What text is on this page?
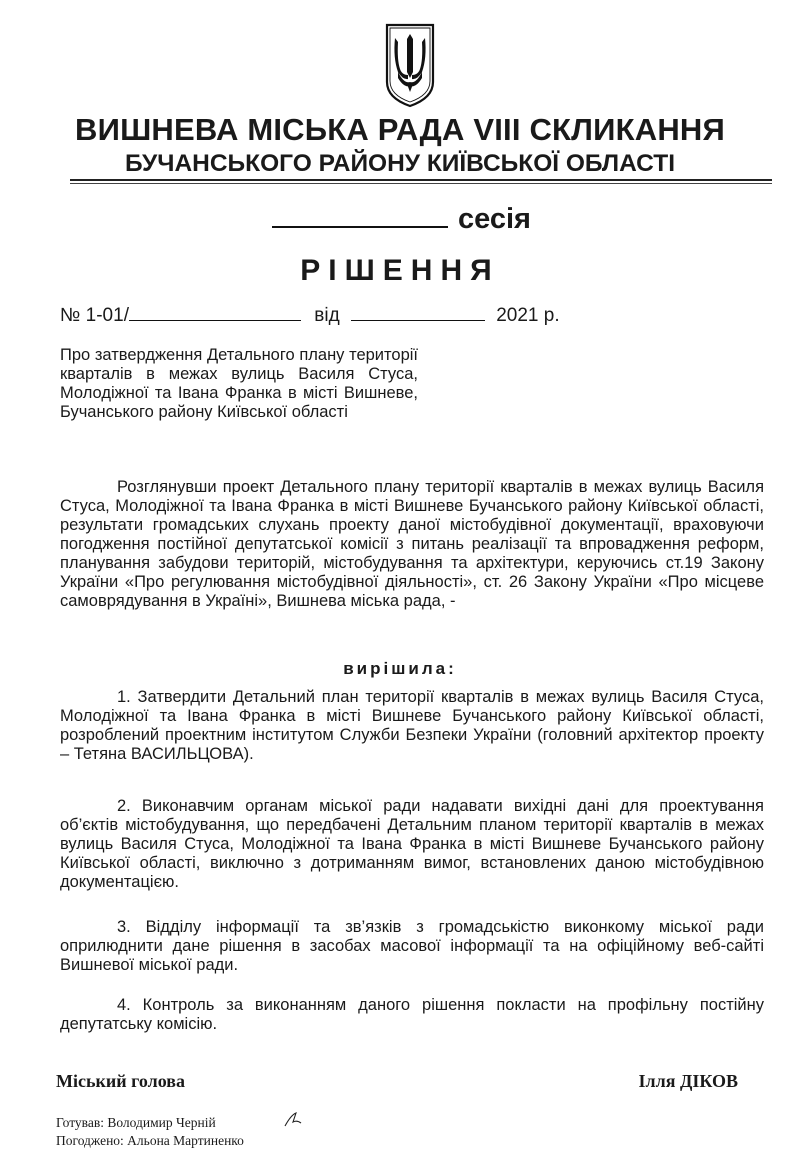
ВИШНЕВА МІСЬКА РАДА VIII СКЛИКАННЯ
БУЧАНСЬКОГО РАЙОНУ КИЇВСЬКОЇ ОБЛАСТІ
сесія
РІШЕННЯ
№ 1-01/	від	2021 р.
Про затвердження Детального плану території кварталів в межах вулиць Василя Стуса, Молодіжної та Івана Франка в місті Вишневе, Бучанського району Київської області
Розглянувши проект Детального плану території кварталів в межах вулиць Василя Стуса, Молодіжної та Івана Франка в місті Вишневе Бучанського району Київської області, результати громадських слухань проекту даної містобудівної документації, враховуючи погодження постійної депутатської комісії з питань реалізації та впровадження реформ, планування забудови територій, містобудування та архітектури, керуючись ст.19 Закону України «Про регулювання містобудівної діяльності», ст. 26 Закону України «Про місцеве самоврядування в Україні», Вишнева міська рада, -
вирішила:
1. Затвердити Детальний план території кварталів в межах вулиць Василя Стуса, Молодіжної та Івана Франка в місті Вишневе Бучанського району Київської області, розроблений проектним інститутом Служби Безпеки України (головний архітектор проекту – Тетяна ВАСИЛЬЦОВА).
2. Виконавчим органам міської ради надавати вихідні дані для проектування об’єктів містобудування, що передбачені Детальним планом території кварталів в межах вулиць Василя Стуса, Молодіжної та Івана Франка в місті Вишневе Бучанського району Київської області, виключно з дотриманням вимог, встановлених даною містобудівною документацією.
3. Відділу інформації та зв’язків з громадськістю виконкому міської ради оприлюднити дане рішення в засобах масової інформації та на офіційному веб-сайті Вишневої міської ради.
4. Контроль за виконанням даного рішення покласти на профільну постійну депутатську комісію.
Міський голова	Ілля ДІКОВ
Готував: Володимир Черній
Погоджено: Альона Мартиненко
